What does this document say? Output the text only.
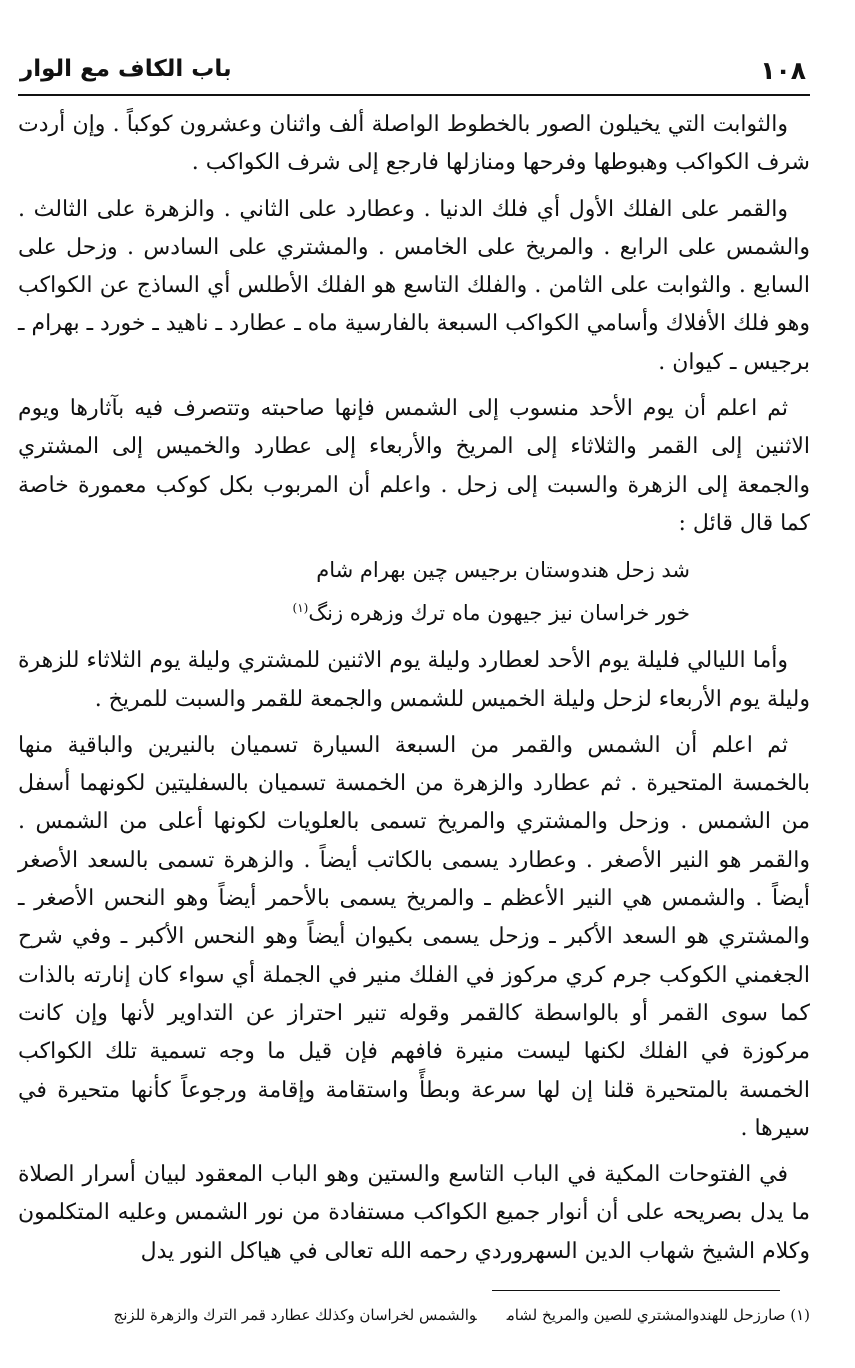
١٠٨
باب الكاف مع الوار

والثوابت التي يخيلون الصور بالخطوط الواصلة ألف واثنان وعشرون كوكباً . وإن أردت شرف الكواكب وهبوطها وفرحها ومنازلها فارجع إلى شرف الكواكب .

والقمر على الفلك الأول أي فلك الدنيا . وعطارد على الثاني . والزهرة على الثالث . والشمس على الرابع . والمريخ على الخامس . والمشتري على السادس . وزحل على السابع . والثوابت على الثامن . والفلك التاسع هو الفلك الأطلس أي الساذج عن الكواكب وهو فلك الأفلاك وأسامي الكواكب السبعة بالفارسية ماه ـ عطارد ـ ناهيد ـ خورد ـ بهرام ـ برجيس ـ كيوان .

ثم اعلم أن يوم الأحد منسوب إلى الشمس فإنها صاحبته وتتصرف فيه بآثارها ويوم الاثنين إلى القمر والثلاثاء إلى المريخ والأربعاء إلى عطارد والخميس إلى المشتري والجمعة إلى الزهرة والسبت إلى زحل . واعلم أن المربوب بكل كوكب معمورة خاصة كما قال قائل :

شد زحل هندوستان برجيس چين بهرام شام
خور خراسان نيز جيهون ماه ترك وزهره زنگ$^{(١)}$

وأما الليالي فليلة يوم الأحد لعطارد وليلة يوم الاثنين للمشتري وليلة يوم الثلاثاء للزهرة وليلة يوم الأربعاء لزحل وليلة الخميس للشمس والجمعة للقمر والسبت للمريخ .

ثم اعلم أن الشمس والقمر من السبعة السيارة تسميان بالنيرين والباقية منها بالخمسة المتحيرة . ثم عطارد والزهرة من الخمسة تسميان بالسفليتين لكونهما أسفل من الشمس . وزحل والمشتري والمريخ تسمى بالعلويات لكونها أعلى من الشمس . والقمر هو النير الأصغر . وعطارد يسمى بالكاتب أيضاً . والزهرة تسمى بالسعد الأصغر أيضاً . والشمس هي النير الأعظم ـ والمريخ يسمى بالأحمر أيضاً وهو النحس الأصغر ـ والمشتري هو السعد الأكبر ـ وزحل يسمى بكيوان أيضاً وهو النحس الأكبر ـ وفي شرح الجغمني الكوكب جرم كري مركوز في الفلك منير في الجملة أي سواء كان إنارته بالذات كما سوى القمر أو بالواسطة كالقمر وقوله تنير احتراز عن التداوير لأنها وإن كانت مركوزة في الفلك لكنها ليست منيرة فافهم فإن قيل ما وجه تسمية تلك الكواكب الخمسة بالمتحيرة قلنا إن لها سرعة وبطأً واستقامة وإقامة ورجوعاً كأنها متحيرة في سيرها .

في الفتوحات المكية في الباب التاسع والستين وهو الباب المعقود لبيان أسرار الصلاة ما يدل بصريحه على أن أنوار جميع الكواكب مستفادة من نور الشمس وعليه المتكلمون وكلام الشيخ شهاب الدين السهروردي رحمه الله تعالى في هياكل النور يدل

(١) صارزحل للهندوالمشتري للصين والمريخ لشاموالشمس لخراسان وكذلك عطارد قمر الترك والزهرة للزنج
